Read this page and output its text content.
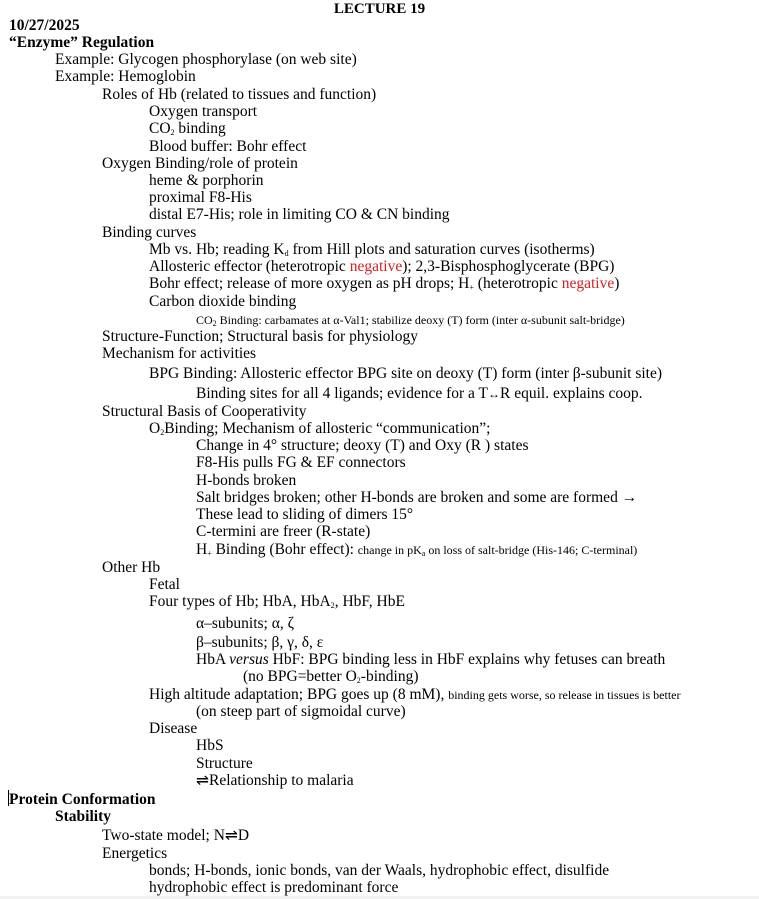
LECTURE 19
10/27/2025
“Enzyme” Regulation
Example: Glycogen phosphorylase (on web site)
Example: Hemoglobin
Roles of Hb (related to tissues and function)
Oxygen transport
$CO_2$ binding
Blood buffer: Bohr effect
Oxygen Binding/role of protein
heme & porphorin
proximal F8-His
distal E7-His; role in limiting CO & CN binding
Binding curves
Mb vs. Hb; reading $K_d$ from Hill plots and saturation curves (isotherms)
Allosteric effector (heterotropic negative); 2,3-Bisphosphoglycerate (BPG)
Bohr effect; release of more oxygen as pH drops; $H_+$ (heterotropic negative)
Carbon dioxide binding
$CO_2$ Binding: carbamates at α-Val1; stabilize deoxy (T) form (inter α-subunit salt-bridge)
Structure-Function; Structural basis for physiology
Mechanism for activities
BPG Binding: Allosteric effector BPG site on deoxy (T) form (inter β-subunit site)
Binding sites for all 4 ligands; evidence for a T↔R equil. explains coop.
Structural Basis of Cooperativity
$O_2Binding$; Mechanism of allosteric “communication”;
Change in 4° structure; deoxy (T) and Oxy (R ) states
F8-His pulls FG & EF connectors
H-bonds broken
Salt bridges broken; other H-bonds are broken and some are formed →
These lead to sliding of dimers 15°
C-termini are freer (R-state)
$H_+$ Binding (Bohr effect): change in $pK_a$ on loss of salt-bridge (His-146; C-terminal)
Other Hb
Fetal
Four types of Hb; HbA, HbA$_2$, HbF, HbE
α–subunits; α, ζ
β–subunits; β, γ, δ, ε
HbA versus HbF: BPG binding less in HbF explains why fetuses can breath
(no BPG=better $O_2-binding$)
High altitude adaptation; BPG goes up (8 mM), binding gets worse, so release in tissues is better
(on steep part of sigmoidal curve)
Disease
HbS
Structure
⇌Relationship to malaria
Protein Conformation
Stability
Two-state model; N⇌D
Energetics
bonds; H-bonds, ionic bonds, van der Waals, hydrophobic effect, disulfide
hydrophobic effect is predominant force
